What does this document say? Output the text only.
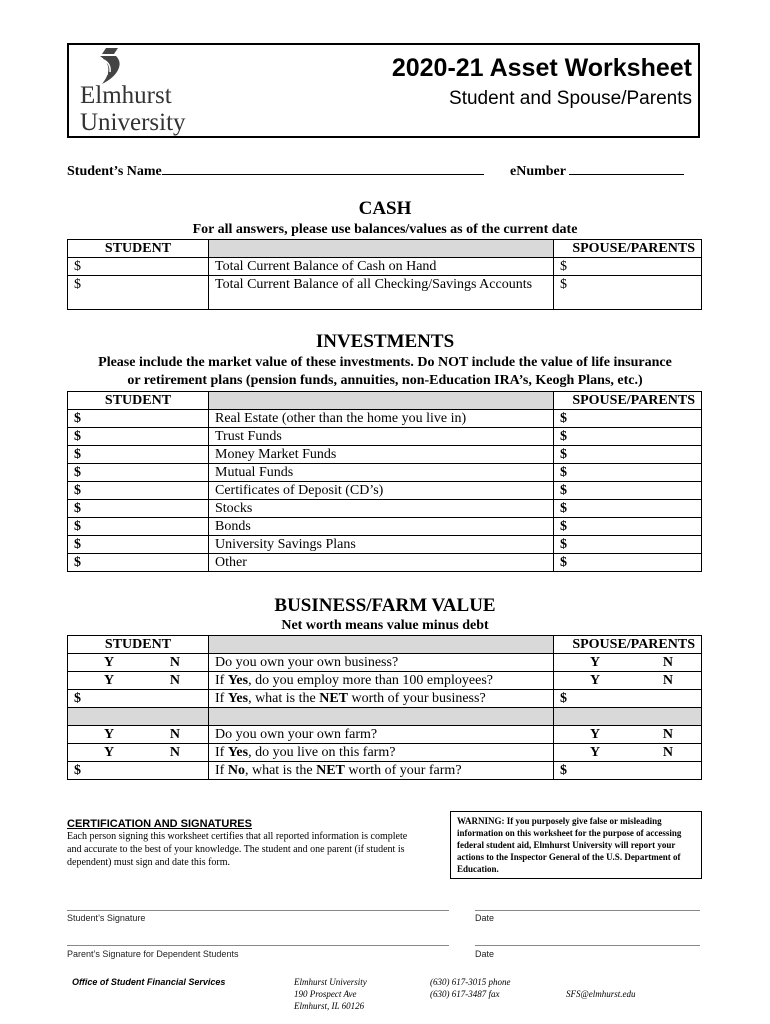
Elmhurst
University
2020-21 Asset Worksheet
Student and Spouse/Parents
Student’s Name	eNumber
CASH
For all answers, please use balances/values as of the current date
STUDENT		SPOUSE/PARENTS
$	Total Current Balance of Cash on Hand	$
$	Total Current Balance of all Checking/Savings Accounts	$
INVESTMENTS
Please include the market value of these investments. Do NOT include the value of life insurance
or retirement plans (pension funds, annuities, non-Education IRA’s, Keogh Plans, etc.)
STUDENT		SPOUSE/PARENTS
$	Real Estate (other than the home you live in)	$
$	Trust Funds	$
$	Money Market Funds	$
$	Mutual Funds	$
$	Certificates of Deposit (CD’s)	$
$	Stocks	$
$	Bonds	$
$	University Savings Plans	$
$	Other	$
BUSINESS/FARM VALUE
Net worth means value minus debt
STUDENT		SPOUSE/PARENTS

Y N	Do you own your own business?	Y N

Y N	If Yes, do you employ more than 100 employees?	Y N

$	If Yes, what is the NET worth of your business?	$

Y N	Do you own your own farm?	Y N

Y N	If Yes, do you live on this farm?	Y N

$	If No, what is the NET worth of your farm?	$
CERTIFICATION AND SIGNATURES
Each person signing this worksheet certifies that all reported information is complete and accurate to the best of your knowledge. The student and one parent (if student is dependent) must sign and date this form.
WARNING: If you purposely give false or misleading information on this worksheet for the purpose of accessing federal student aid, Elmhurst University will report your actions to the Inspector General of the U.S. Department of Education.
Student’s Signature	Date
Parent’s Signature for Dependent Students	Date
Office of Student Financial Services	Elmhurst University
190 Prospect Ave
Elmhurst, IL 60126
(630) 617-3015 phone
(630) 617-3487 fax	SFS@elmhurst.edu
